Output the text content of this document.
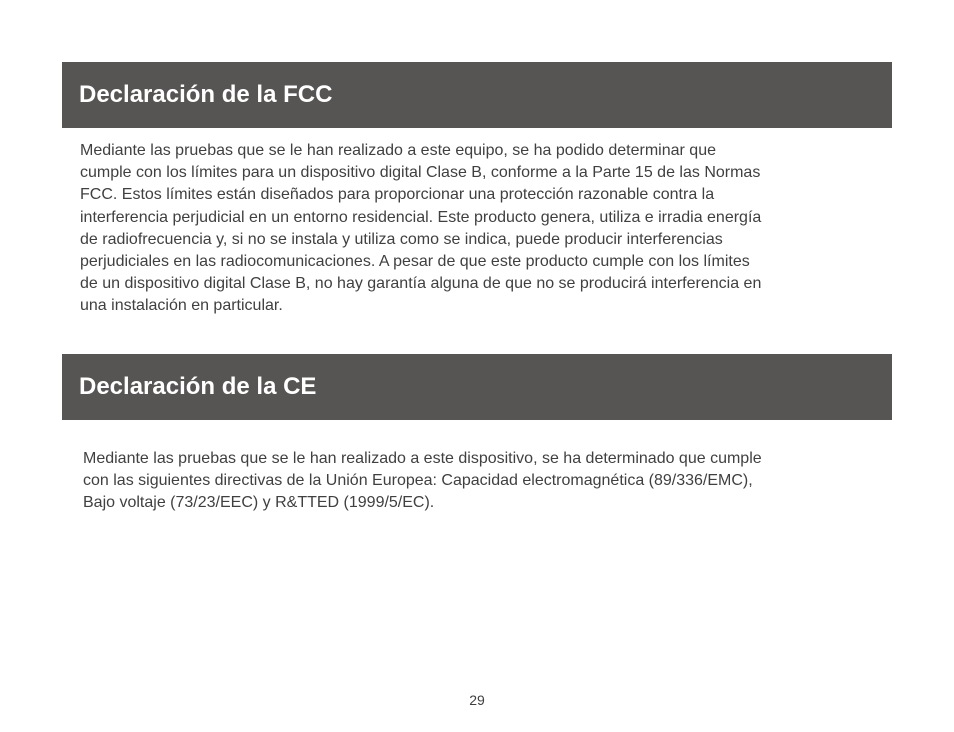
Declaración de la FCC
Mediante las pruebas que se le han realizado a este equipo, se ha podido determinar que
cumple con los límites para un dispositivo digital Clase B, conforme a la Parte 15 de las Normas
FCC. Estos límites están diseñados para proporcionar una protección razonable contra la
interferencia perjudicial en un entorno residencial. Este producto genera, utiliza e irradia energía
de radiofrecuencia y, si no se instala y utiliza como se indica, puede producir interferencias
perjudiciales en las radiocomunicaciones. A pesar de que este producto cumple con los límites
de un dispositivo digital Clase B, no hay garantía alguna de que no se producirá interferencia en
una instalación en particular.
Declaración de la CE
Mediante las pruebas que se le han realizado a este dispositivo, se ha determinado que cumple
con las siguientes directivas de la Unión Europea: Capacidad electromagnética (89/336/EMC),
Bajo voltaje (73/23/EEC) y R&TTED (1999/5/EC).
29
